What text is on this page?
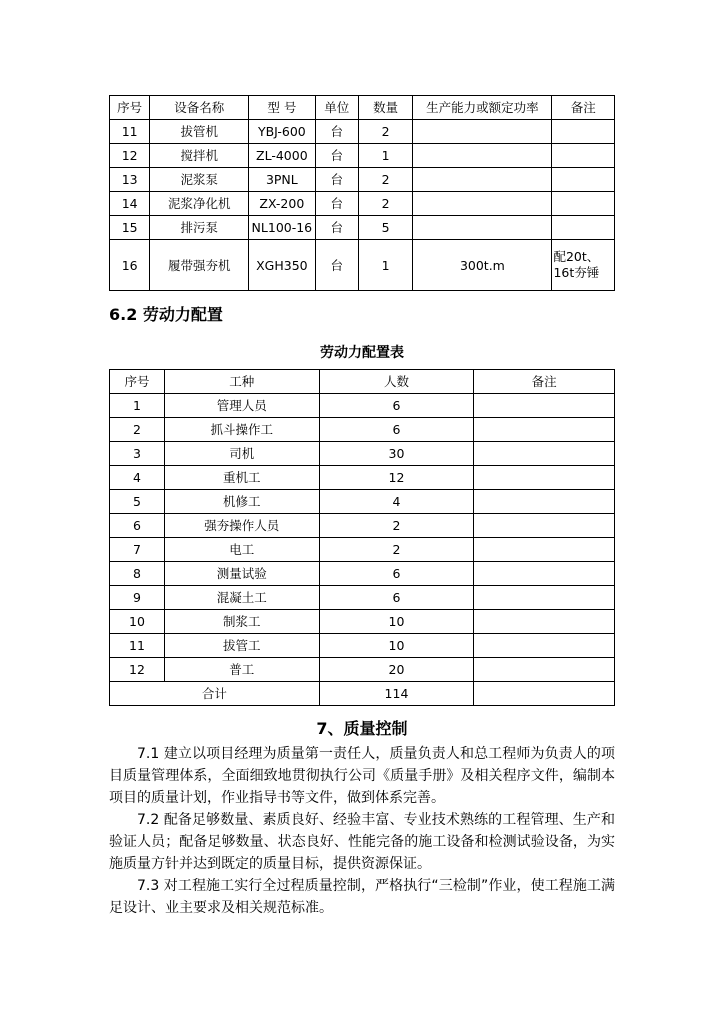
序号	设备名称	型 号	单位	数量	生产能力或额定功率	备注
11	拔管机	YBJ-600	台	2		
12	搅拌机	ZL-4000	台	1		
13	泥浆泵	3PNL	台	2		
14	泥浆净化机	ZX-200	台	2		
15	排污泵	NL100-16	台	5		
16	履带强夯机	XGH350	台	1	300t.m	配20t、16t夯锤
6.2 劳动力配置
劳动力配置表
序号	工种	人数	备注
1	管理人员	6	
2	抓斗操作工	6	
3	司机	30	
4	重机工	12	
5	机修工	4	
6	强夯操作人员	2	
7	电工	2	
8	测量试验	6	
9	混凝土工	6	
10	制浆工	10	
11	拔管工	10	
12	普工	20	
合计		114	
7、质量控制

7.1 建立以项目经理为质量第一责任人，质量负责人和总工程师为负责人的项目质量管理体系，全面细致地贯彻执行公司《质量手册》及相关程序文件，编制本项目的质量计划，作业指导书等文件，做到体系完善。

7.2 配备足够数量、素质良好、经验丰富、专业技术熟练的工程管理、生产和验证人员；配备足够数量、状态良好、性能完备的施工设备和检测试验设备，为实施质量方针并达到既定的质量目标，提供资源保证。

7.3 对工程施工实行全过程质量控制，严格执行“三检制”作业，使工程施工满足设计、业主要求及相关规范标准。
